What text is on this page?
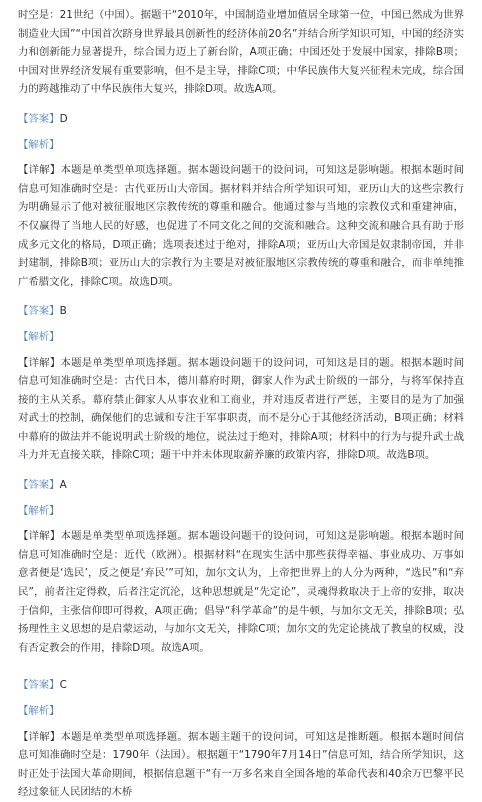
时空是：21世纪（中国）。据题干“2010年，中国制造业增加值居全球第一位，中国已然成为世界制造业大国”“中国首次跻身世界最具创新性的经济体前20名”并结合所学知识可知，中国的经济实力和创新能力显著提升，综合国力迈上了新台阶，A项正确；中国还处于发展中国家，排除B项；中国对世界经济发展有重要影响，但不是主导，排除C项；中华民族伟大复兴征程未完成，综合国力的跨越推动了中华民族伟大复兴，排除D项。故选A项。

【答案】D

【解析】

【详解】本题是单类型单项选择题。据本题设问题干的设问词，可知这是影响题。根据本题时间信息可知准确时空是：古代亚历山大帝国。据材料并结合所学知识可知，亚历山大的这些宗教行为明确显示了他对被征服地区宗教传统的尊重和融合。他通过参与当地的宗教仪式和重建神庙，不仅赢得了当地人民的好感，也促进了不同文化之间的交流和融合。这种交流和融合具有助于形成多元文化的格局，D项正确；选项表述过于绝对，排除A项；亚历山大帝国是奴隶制帝国，并非封建制，排除B项；亚历山大的宗教行为主要是对被征服地区宗教传统的尊重和融合，而非单纯推广希腊文化，排除C项。故选D项。

【答案】B

【解析】

【详解】本题是单类型单项选择题。据本题设问题干的设问词，可知这是目的题。根据本题时间信息可知准确时空是：古代日本，德川幕府时期，御家人作为武士阶级的一部分，与将军保持直接的主从关系。幕府禁止御家人从事农业和工商业，并对违反者进行严惩，主要目的是为了加强对武士的控制，确保他们的忠诚和专注于军事职责，而不是分心于其他经济活动，B项正确；材料中幕府的做法并不能说明武士阶级的地位，说法过于绝对，排除A项；材料中的行为与提升武士战斗力并无直接关联，排除C项；题干中并未体现取薪养廉的政策内容，排除D项。故选B项。

【答案】A

【解析】

【详解】本题是单类型单项选择题。据本题设问题干的设问词，可知这是影响题。根据本题时间信息可知准确时空是：近代（欧洲）。根据材料“在现实生活中那些获得幸福、事业成功、万事如意者便是‘选民’，反之便是‘弃民’”可知，加尔文认为，上帝把世界上的人分为两种，“选民”和“弃民”，前者注定得救，后者注定沉沦，这种思想就是“先定论”，灵魂得救取决于上帝的安排，取决于信仰，主张信仰即可得救，A项正确；倡导“科学革命”的是牛顿，与加尔文无关，排除B项；弘扬理性主义思想的是启蒙运动，与加尔文无关，排除C项；加尔文的先定论挑战了教皇的权威，没有否定教会的作用，排除D项。故选A项。

【答案】C

【解析】

【详解】本题是单类型单项选择题。据本题主题干的设问词，可知这是推断题。根据本题时间信息可知准确时空是：1790年（法国）。根据题干“1790年7月14日”信息可知，结合所学知识，这时正处于法国大革命期间，根据信息题干“有一万多名来自全国各地的革命代表和40余万巴黎平民经过象征人民团结的木桥
